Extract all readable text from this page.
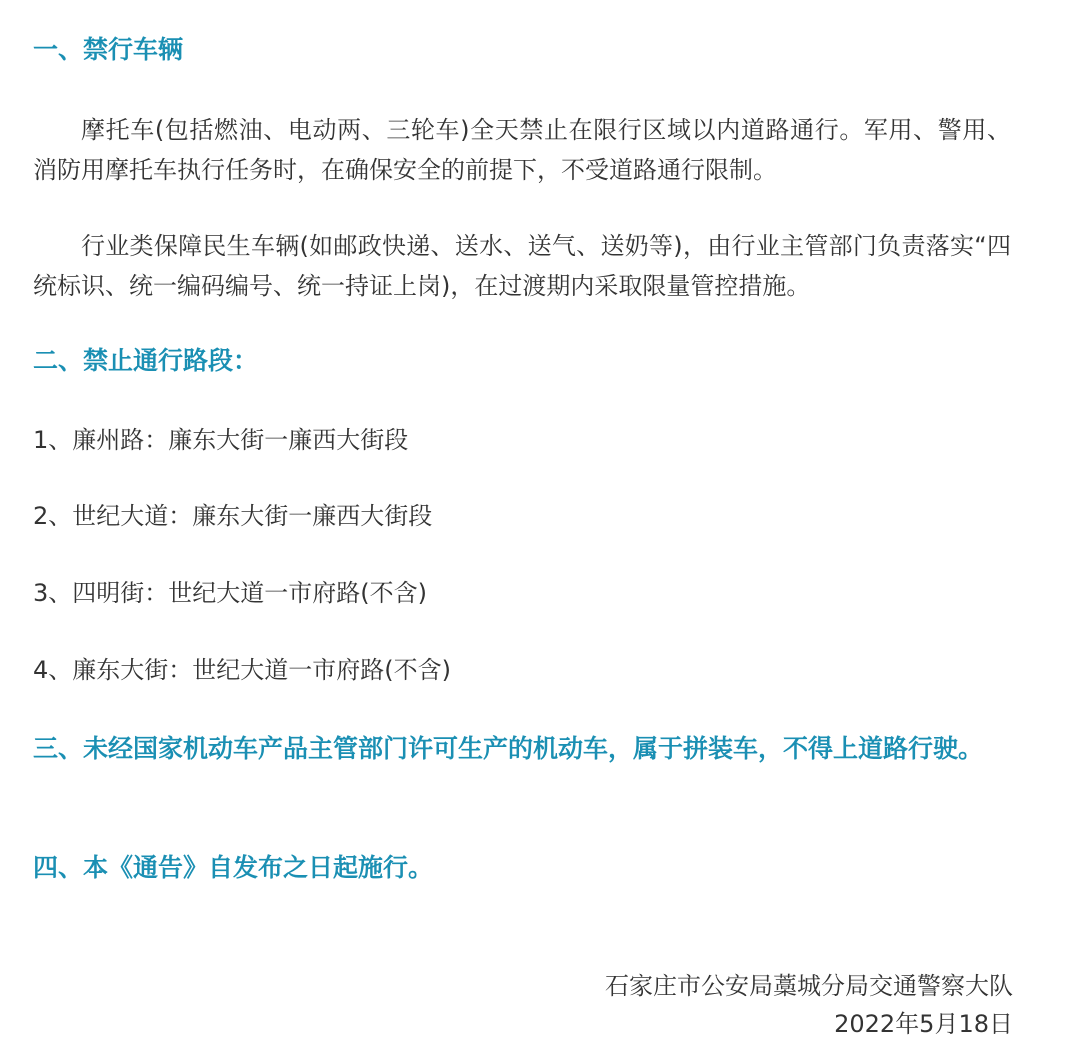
一、禁行车辆
摩托车(包括燃油、电动两、三轮车)全天禁止在限行区域以内道路通行。军用、警用、消防用摩托车执行任务时，在确保安全的前提下，不受道路通行限制。
行业类保障民生车辆(如邮政快递、送水、送气、送奶等)，由行业主管部门负责落实“四统标识、统一编码编号、统一持证上岗)，在过渡期内采取限量管控措施。
二、禁止通行路段：
1、廉州路：廉东大街一廉西大街段
2、世纪大道：廉东大街一廉西大街段
3、四明街：世纪大道一市府路(不含)
4、廉东大街：世纪大道一市府路(不含)
三、未经国家机动车产品主管部门许可生产的机动车，属于拼装车，不得上道路行驶。
四、本《通告》自发布之日起施行。
石家庄市公安局藁城分局交通警察大队
2022年5月18日
